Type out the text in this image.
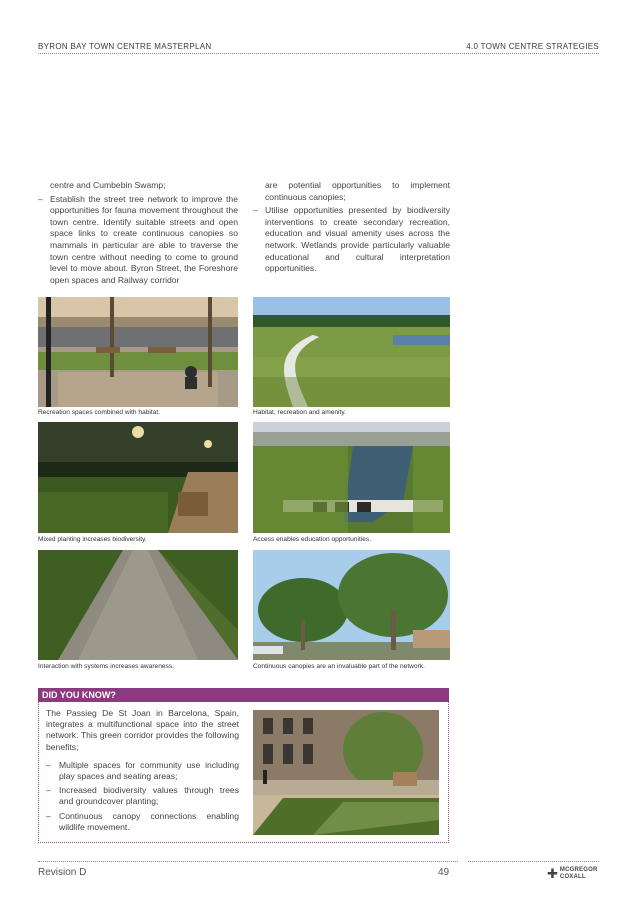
BYRON BAY TOWN CENTRE MASTERPLAN	4.0 TOWN CENTRE STRATEGIES

centre and Cumbebin Swamp;

– Establish the street tree network to improve the opportunities for fauna movement throughout the town centre. Identify suitable streets and open space links to create continuous canopies so mammals in particular are able to traverse the town centre without needing to come to ground level to move about. Byron Street, the Foreshore open spaces and Railway corridor

are potential opportunities to implement continuous canopies;

– Utilise opportunities presented by biodiversity interventions to create secondary recreation, education and visual amenity uses across the network. Wetlands provide particularly valuable educational and cultural interpretation opportunities.
Recreation spaces combined with habitat.	Habitat, recreation and amenity.
Mixed planting increases biodiversity.	Access enables education opportunities.
Interaction with systems increases awareness.	Continuous canopies are an invaluable part of the network.
DID YOU KNOW?

The Passieg De St Joan in Barcelona, Spain, integrates a multifunctional space into the street network. This green corridor provides the following benefits;

– Multiple spaces for community use including play spaces and seating areas;
– Increased biodiversity values through trees and groundcover planting;
– Continuous canopy connections enabling wildlife movement.
Revision D	49	✚ MCGREGOR
COXALL
